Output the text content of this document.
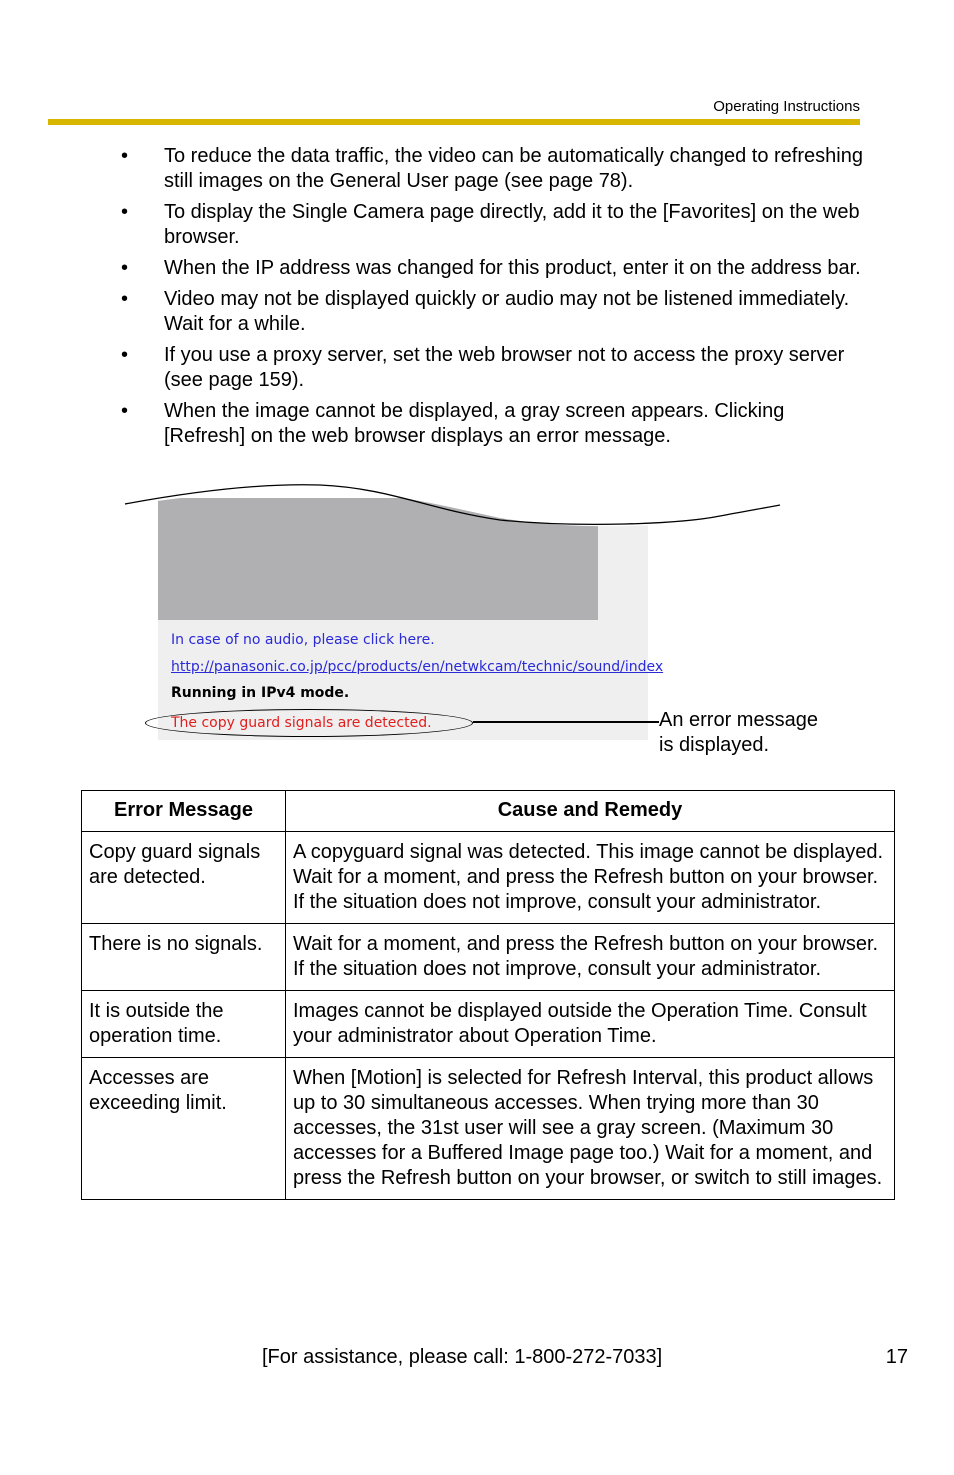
Operating Instructions
• To reduce the data traffic, the video can be automatically changed to refreshing still images on the General User page (see page 78).
• To display the Single Camera page directly, add it to the [Favorites] on the web browser.
• When the IP address was changed for this product, enter it on the address bar.
• Video may not be displayed quickly or audio may not be listened immediately. Wait for a while.
• If you use a proxy server, set the web browser not to access the proxy server (see page 159).
• When the image cannot be displayed, a gray screen appears. Clicking [Refresh] on the web browser displays an error message.
In case of no audio, please click here.
http://panasonic.co.jp/pcc/products/en/netwkcam/technic/sound/index
Running in IPv4 mode.
The copy guard signals are detected.	An error message
is displayed.
Error Message	Cause and Remedy
Copy guard signals are detected.	A copyguard signal was detected. This image cannot be displayed. Wait for a moment, and press the Refresh button on your browser. If the situation does not improve, consult your administrator.
There is no signals.	Wait for a moment, and press the Refresh button on your browser. If the situation does not improve, consult your administrator.
It is outside the operation time.	Images cannot be displayed outside the Operation Time. Consult your administrator about Operation Time.
Accesses are exceeding limit.	When [Motion] is selected for Refresh Interval, this product allows up to 30 simultaneous accesses. When trying more than 30 accesses, the 31st user will see a gray screen. (Maximum 30 accesses for a Buffered Image page too.) Wait for a moment, and press the Refresh button on your browser, or switch to still images.
[For assistance, please call: 1-800-272-7033]	17
